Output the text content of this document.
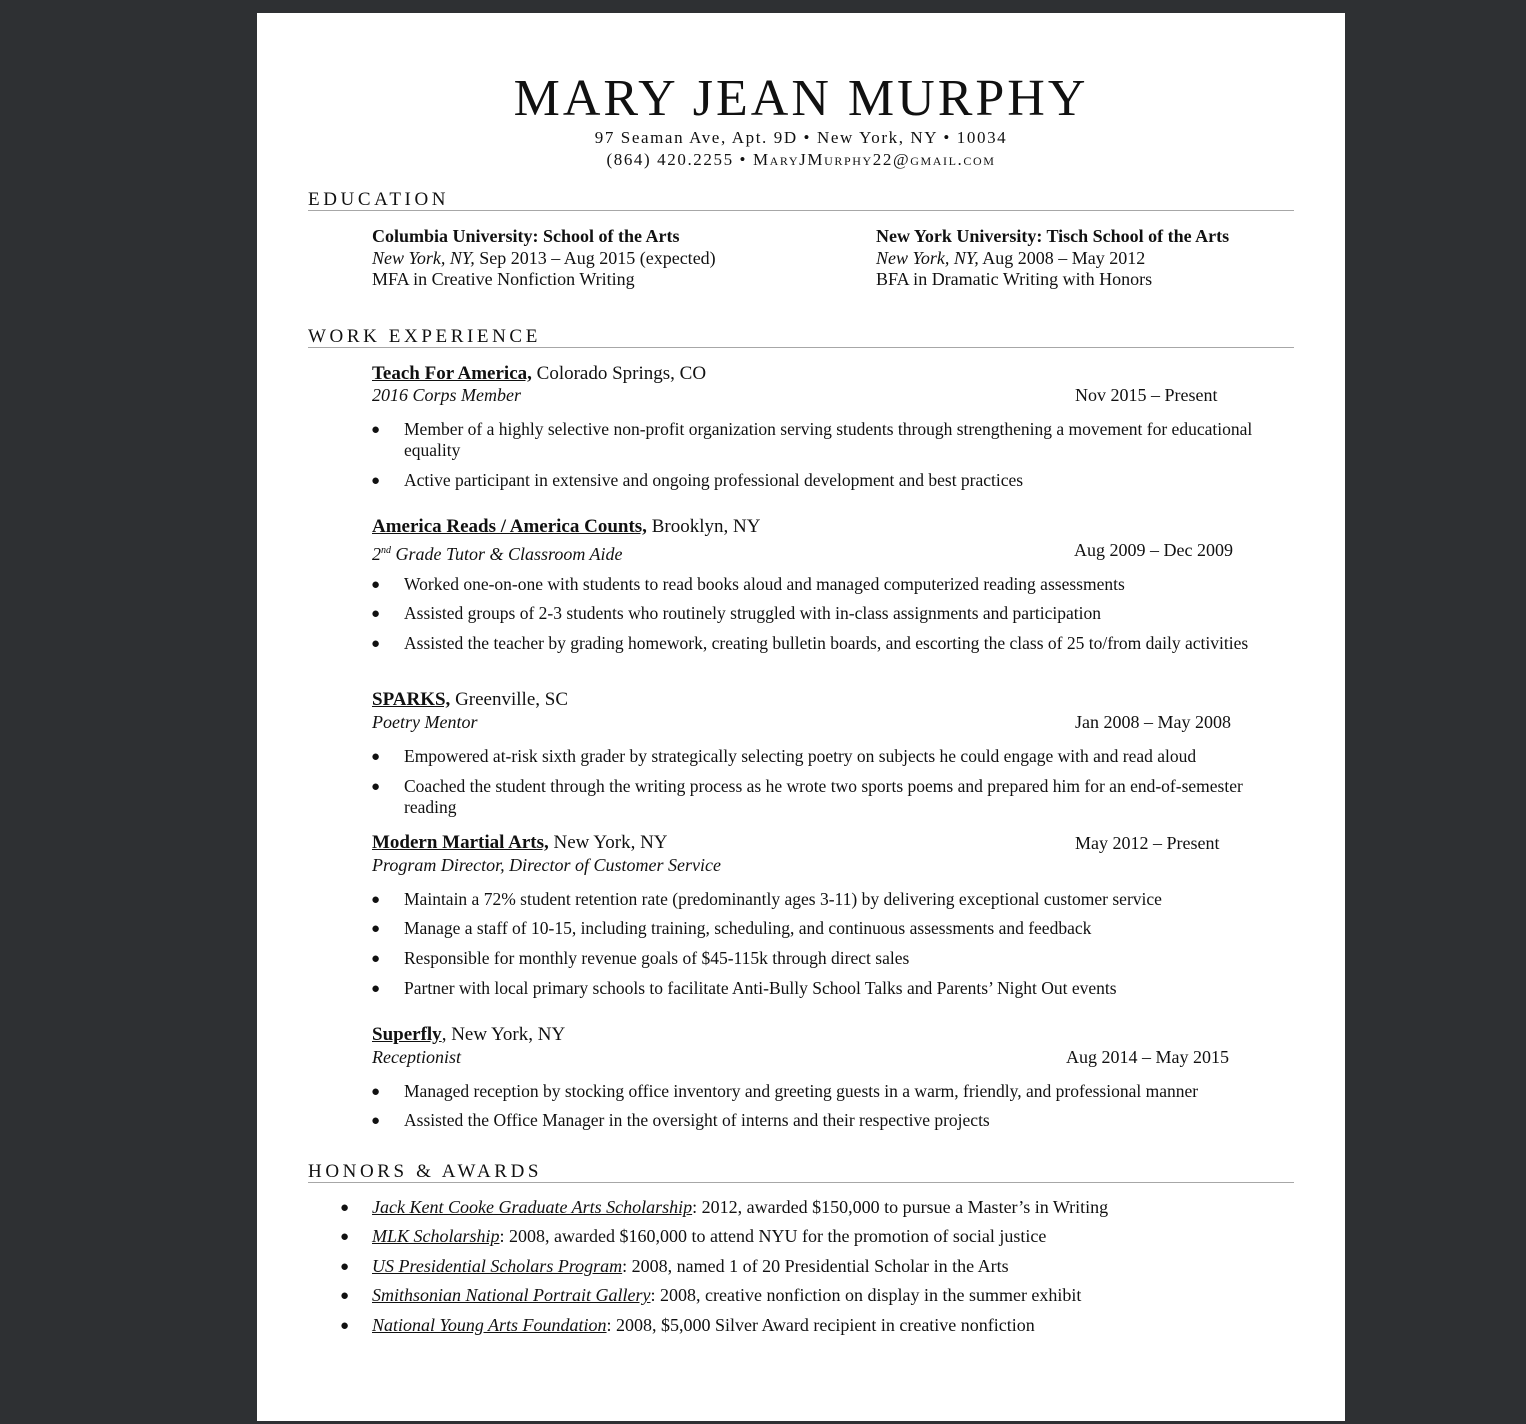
MARY JEAN MURPHY
97 Seaman Ave, Apt. 9D • New York, NY • 10034
(864) 420.2255 • MaryJMurphy22@gmail.com
EDUCATION
Columbia University: School of the Arts
New York, NY, Sep 2013 – Aug 2015 (expected)
MFA in Creative Nonfiction Writing
New York University: Tisch School of the Arts
New York, NY, Aug 2008 – May 2012
BFA in Dramatic Writing with Honors
WORK EXPERIENCE
Teach For America, Colorado Springs, CO
2016 Corps Member	Nov 2015 – Present
● Member of a highly selective non-profit organization serving students through strengthening a movement for educational equality
● Active participant in extensive and ongoing professional development and best practices
America Reads / America Counts, Brooklyn, NY
2nd Grade Tutor & Classroom Aide	Aug 2009 – Dec 2009
● Worked one-on-one with students to read books aloud and managed computerized reading assessments
● Assisted groups of 2-3 students who routinely struggled with in-class assignments and participation
● Assisted the teacher by grading homework, creating bulletin boards, and escorting the class of 25 to/from daily activities
SPARKS, Greenville, SC
Poetry Mentor	Jan 2008 – May 2008
● Empowered at-risk sixth grader by strategically selecting poetry on subjects he could engage with and read aloud
● Coached the student through the writing process as he wrote two sports poems and prepared him for an end-of-semester reading
Modern Martial Arts, New York, NY	May 2012 – Present
Program Director, Director of Customer Service
● Maintain a 72% student retention rate (predominantly ages 3-11) by delivering exceptional customer service
● Manage a staff of 10-15, including training, scheduling, and continuous assessments and feedback
● Responsible for monthly revenue goals of $45-115k through direct sales
● Partner with local primary schools to facilitate Anti-Bully School Talks and Parents’ Night Out events
Superfly, New York, NY
Receptionist	Aug 2014 – May 2015
● Managed reception by stocking office inventory and greeting guests in a warm, friendly, and professional manner
● Assisted the Office Manager in the oversight of interns and their respective projects
HONORS & AWARDS
● Jack Kent Cooke Graduate Arts Scholarship: 2012, awarded $150,000 to pursue a Master’s in Writing
● MLK Scholarship: 2008, awarded $160,000 to attend NYU for the promotion of social justice
● US Presidential Scholars Program: 2008, named 1 of 20 Presidential Scholar in the Arts
● Smithsonian National Portrait Gallery: 2008, creative nonfiction on display in the summer exhibit
● National Young Arts Foundation: 2008, $5,000 Silver Award recipient in creative nonfiction
